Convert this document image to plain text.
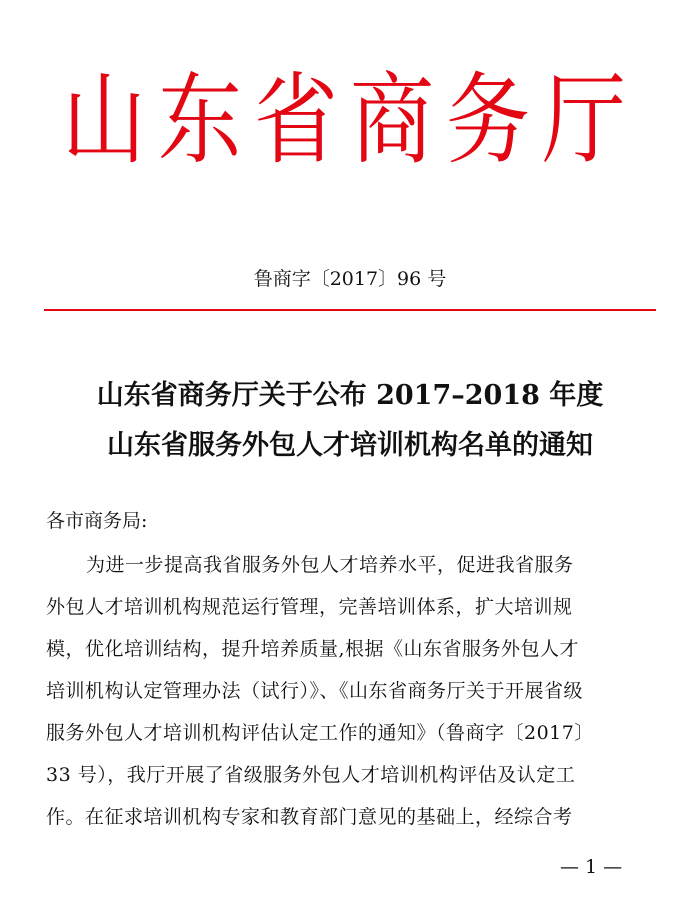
山东省商务厅
鲁商字〔2017〕96 号
山东省商务厅关于公布 2017–2018 年度
山东省服务外包人才培训机构名单的通知
各市商务局:
为进一步提高我省服务外包人才培养水平，促进我省服务
外包人才培训机构规范运行管理，完善培训体系，扩大培训规
模，优化培训结构，提升培养质量,根据《山东省服务外包人才
培训机构认定管理办法（试行）》、《山东省商务厅关于开展省级
服务外包人才培训机构评估认定工作的通知》（鲁商字〔2017〕
33 号），我厅开展了省级服务外包人才培训机构评估及认定工
作。在征求培训机构专家和教育部门意见的基础上，经综合考
— 1 —
